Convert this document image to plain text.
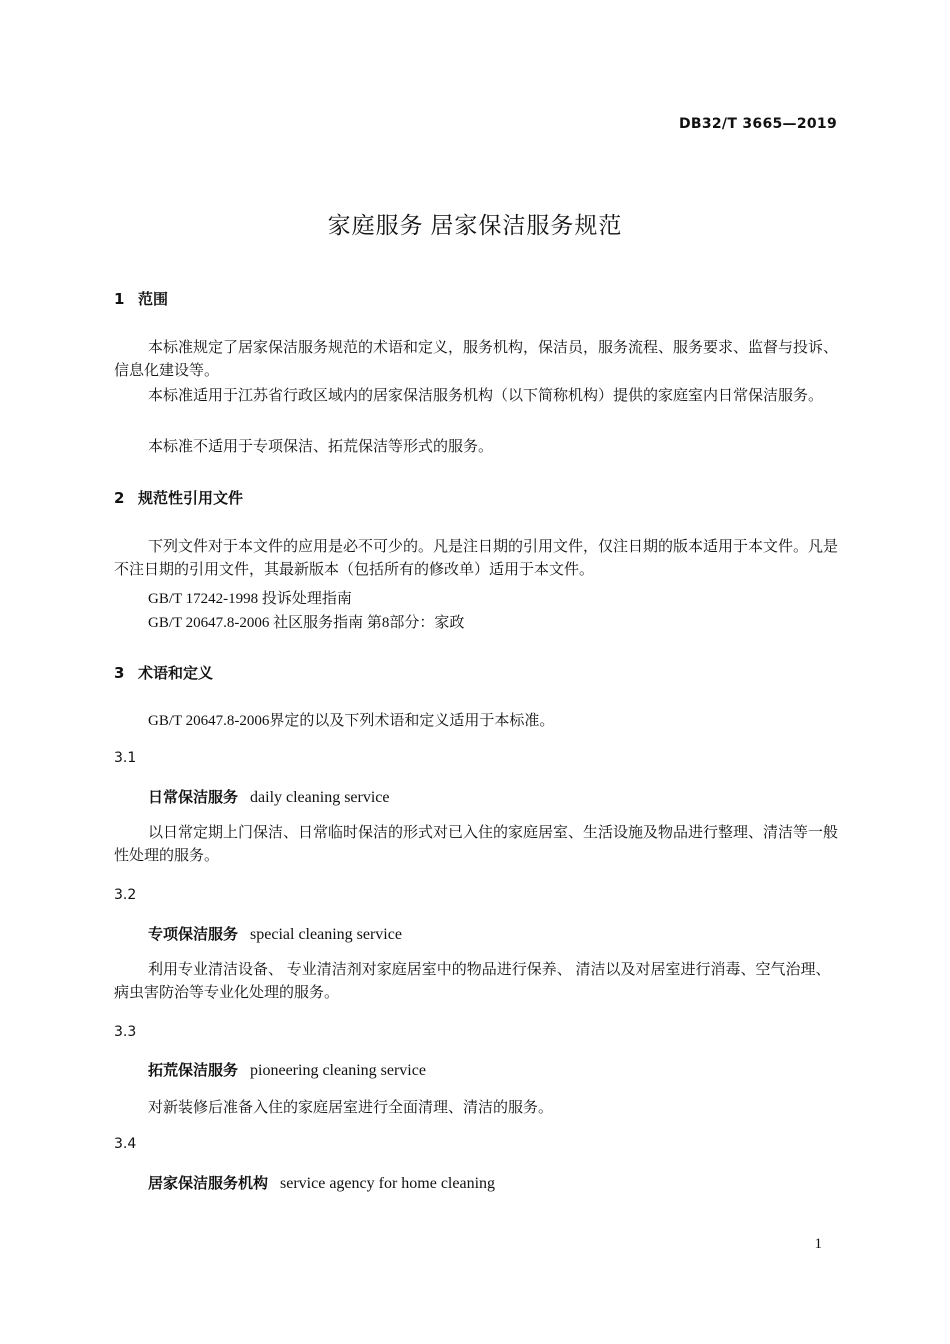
DB32/T 3665—2019
家庭服务 居家保洁服务规范
1 范围
本标准规定了居家保洁服务规范的术语和定义，服务机构，保洁员，服务流程、服务要求、监督与投诉、信息化建设等。
本标准适用于江苏省行政区域内的居家保洁服务机构（以下简称机构）提供的家庭室内日常保洁服务。
本标准不适用于专项保洁、拓荒保洁等形式的服务。
2 规范性引用文件
下列文件对于本文件的应用是必不可少的。凡是注日期的引用文件，仅注日期的版本适用于本文件。凡是不注日期的引用文件，其最新版本（包括所有的修改单）适用于本文件。
GB/T 17242-1998 投诉处理指南
GB/T 20647.8-2006 社区服务指南 第8部分：家政
3 术语和定义
GB/T 20647.8-2006界定的以及下列术语和定义适用于本标准。
3.1
日常保洁服务 daily cleaning service
以日常定期上门保洁、日常临时保洁的形式对已入住的家庭居室、生活设施及物品进行整理、清洁等一般性处理的服务。
3.2
专项保洁服务 special cleaning service
利用专业清洁设备、 专业清洁剂对家庭居室中的物品进行保养、 清洁以及对居室进行消毒、空气治理、病虫害防治等专业化处理的服务。
3.3
拓荒保洁服务 pioneering cleaning service
对新装修后准备入住的家庭居室进行全面清理、清洁的服务。
3.4
居家保洁服务机构 service agency for home cleaning
1
